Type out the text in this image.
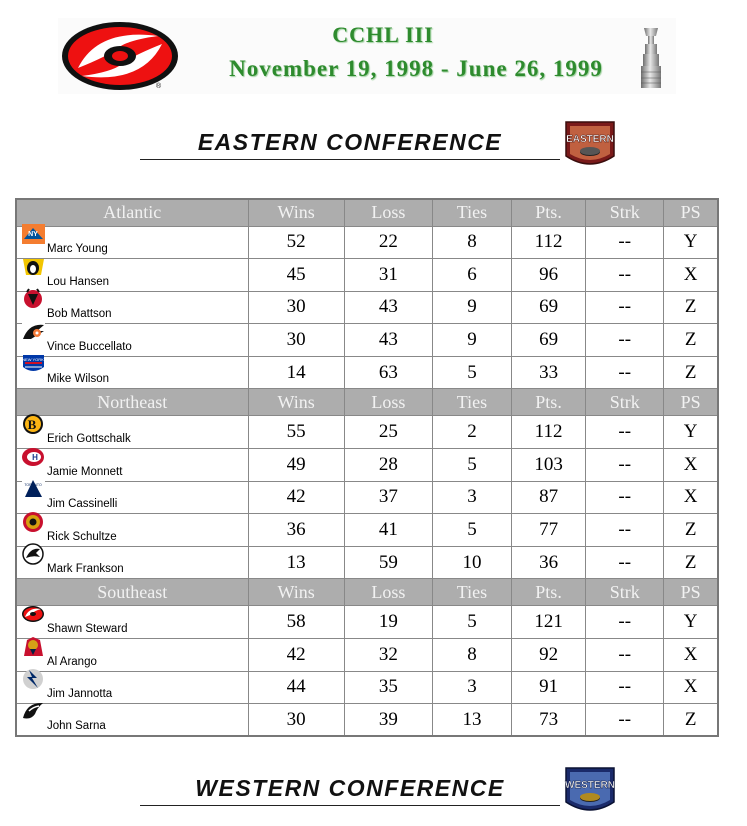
®
CCHL III
November 19, 1998 - June 26, 1999
EASTERN CONFERENCE	EASTERN
Atlantic	Wins	Loss	Ties	Pts.	Strk	PS

NY
Marc Young	52	22	8	112	--	Y

Lou Hansen	45	31	6	96	--	X

Bob Mattson	30	43	9	69	--	Z

Vince Buccellato	30	43	9	69	--	Z

NEW YORK
Mike Wilson	14	63	5	33	--	Z
Northeast	Wins	Loss	Ties	Pts.	Strk	PS

B
Erich Gottschalk	55	25	2	112	--	Y

H
Jamie Monnett	49	28	5	103	--	X

TORONTO
Jim Cassinelli	42	37	3	87	--	X

Rick Schultze	36	41	5	77	--	Z

Mark Frankson	13	59	10	36	--	Z
Southeast	Wins	Loss	Ties	Pts.	Strk	PS

Shawn Steward	58	19	5	121	--	Y

Al Arango	42	32	8	92	--	X

Jim Jannotta	44	35	3	91	--	X

John Sarna	30	39	13	73	--	Z
WESTERN CONFERENCE	WESTERN
